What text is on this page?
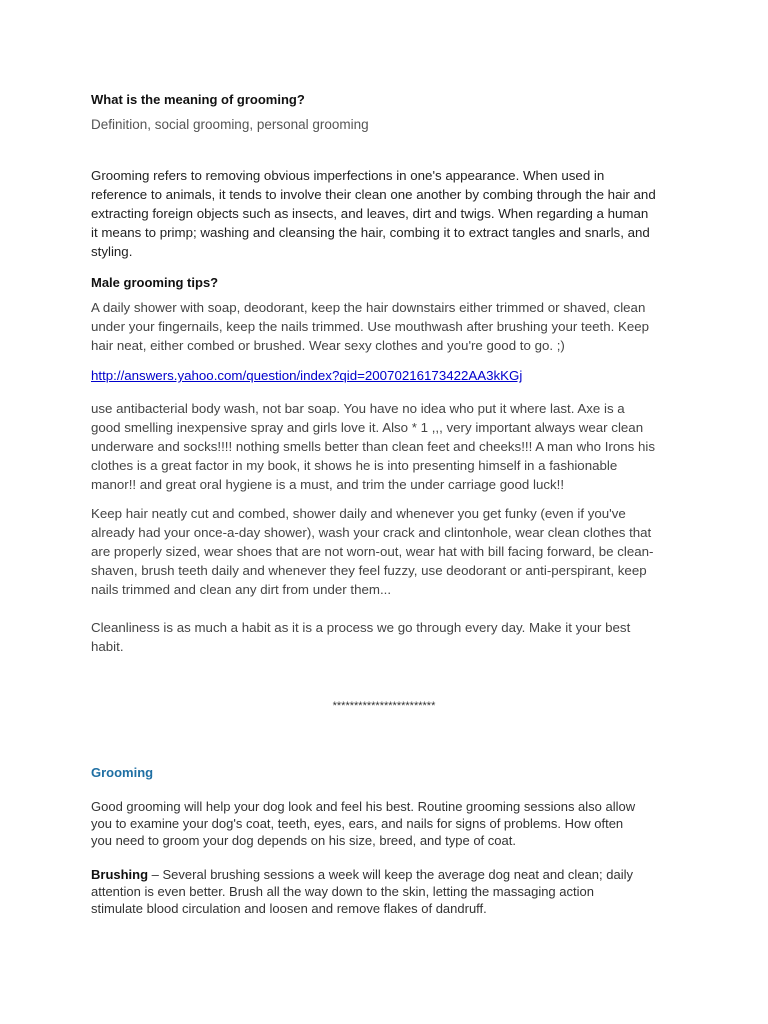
What is the meaning of grooming?
Definition, social grooming, personal grooming

Grooming refers to removing obvious imperfections in one's appearance. When used in
reference to animals, it tends to involve their clean one another by combing through the hair and
extracting foreign objects such as insects, and leaves, dirt and twigs. When regarding a human
it means to primp; washing and cleansing the hair, combing it to extract tangles and snarls, and
styling.

Male grooming tips?

A daily shower with soap, deodorant, keep the hair downstairs either trimmed or shaved, clean
under your fingernails, keep the nails trimmed. Use mouthwash after brushing your teeth. Keep
hair neat, either combed or brushed. Wear sexy clothes and you're good to go. ;)

http://answers.yahoo.com/question/index?qid=20070216173422AA3kKGj

use antibacterial body wash, not bar soap. You have no idea who put it where last. Axe is a
good smelling inexpensive spray and girls love it. Also * 1 ,,, very important always wear clean
underware and socks!!!! nothing smells better than clean feet and cheeks!!! A man who Irons his
clothes is a great factor in my book, it shows he is into presenting himself in a fashionable
manor!! and great oral hygiene is a must, and trim the under carriage good luck!!

Keep hair neatly cut and combed, shower daily and whenever you get funky (even if you've
already had your once-a-day shower), wash your crack and clintonhole, wear clean clothes that
are properly sized, wear shoes that are not worn-out, wear hat with bill facing forward, be clean-
shaven, brush teeth daily and whenever they feel fuzzy, use deodorant or anti-perspirant, keep
nails trimmed and clean any dirt from under them...

Cleanliness is as much a habit as it is a process we go through every day. Make it your best
habit.

************************
Grooming

Good grooming will help your dog look and feel his best. Routine grooming sessions also allow
you to examine your dog's coat, teeth, eyes, ears, and nails for signs of problems. How often
you need to groom your dog depends on his size, breed, and type of coat.

Brushing – Several brushing sessions a week will keep the average dog neat and clean; daily
attention is even better. Brush all the way down to the skin, letting the massaging action
stimulate blood circulation and loosen and remove flakes of dandruff.
